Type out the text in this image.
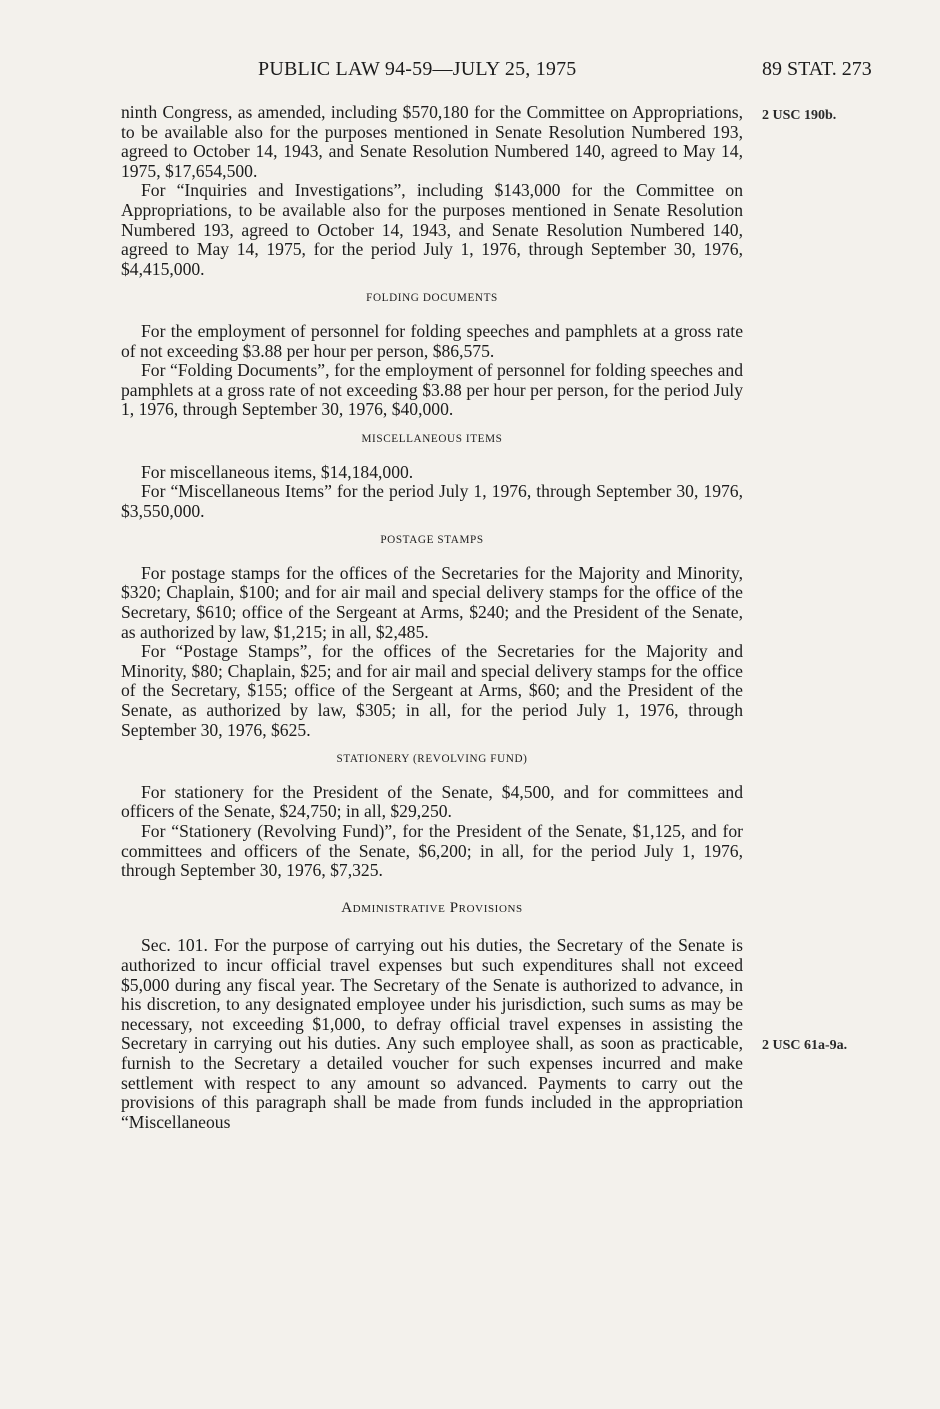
PUBLIC LAW 94-59—JULY 25, 1975	89 STAT. 273
2 USC 190b.
2 USC 61a-9a.

ninth Congress, as amended, including $570,180 for the Committee on Appropriations, to be available also for the purposes mentioned in Senate Resolution Numbered 193, agreed to October 14, 1943, and Senate Resolution Numbered 140, agreed to May 14, 1975, $17,654,500.

For “Inquiries and Investigations”, including $143,000 for the Committee on Appropriations, to be available also for the purposes mentioned in Senate Resolution Numbered 193, agreed to October 14, 1943, and Senate Resolution Numbered 140, agreed to May 14, 1975, for the period July 1, 1976, through September 30, 1976, $4,415,000.

FOLDING DOCUMENTS

For the employment of personnel for folding speeches and pamphlets at a gross rate of not exceeding $3.88 per hour per person, $86,575.

For “Folding Documents”, for the employment of personnel for folding speeches and pamphlets at a gross rate of not exceeding $3.88 per hour per person, for the period July 1, 1976, through September 30, 1976, $40,000.

MISCELLANEOUS ITEMS

For miscellaneous items, $14,184,000.

For “Miscellaneous Items” for the period July 1, 1976, through September 30, 1976, $3,550,000.

POSTAGE STAMPS

For postage stamps for the offices of the Secretaries for the Majority and Minority, $320; Chaplain, $100; and for air mail and special delivery stamps for the office of the Secretary, $610; office of the Sergeant at Arms, $240; and the President of the Senate, as authorized by law, $1,215; in all, $2,485.

For “Postage Stamps”, for the offices of the Secretaries for the Majority and Minority, $80; Chaplain, $25; and for air mail and special delivery stamps for the office of the Secretary, $155; office of the Sergeant at Arms, $60; and the President of the Senate, as authorized by law, $305; in all, for the period July 1, 1976, through September 30, 1976, $625.

STATIONERY (REVOLVING FUND)

For stationery for the President of the Senate, $4,500, and for committees and officers of the Senate, $24,750; in all, $29,250.

For “Stationery (Revolving Fund)”, for the President of the Senate, $1,125, and for committees and officers of the Senate, $6,200; in all, for the period July 1, 1976, through September 30, 1976, $7,325.

Administrative Provisions

Sec. 101. For the purpose of carrying out his duties, the Secretary of the Senate is authorized to incur official travel expenses but such expenditures shall not exceed $5,000 during any fiscal year. The Secretary of the Senate is authorized to advance, in his discretion, to any designated employee under his jurisdiction, such sums as may be necessary, not exceeding $1,000, to defray official travel expenses in assisting the Secretary in carrying out his duties. Any such employee shall, as soon as practicable, furnish to the Secretary a detailed voucher for such expenses incurred and make settlement with respect to any amount so advanced. Payments to carry out the provisions of this paragraph shall be made from funds included in the appropriation “Miscellaneous
